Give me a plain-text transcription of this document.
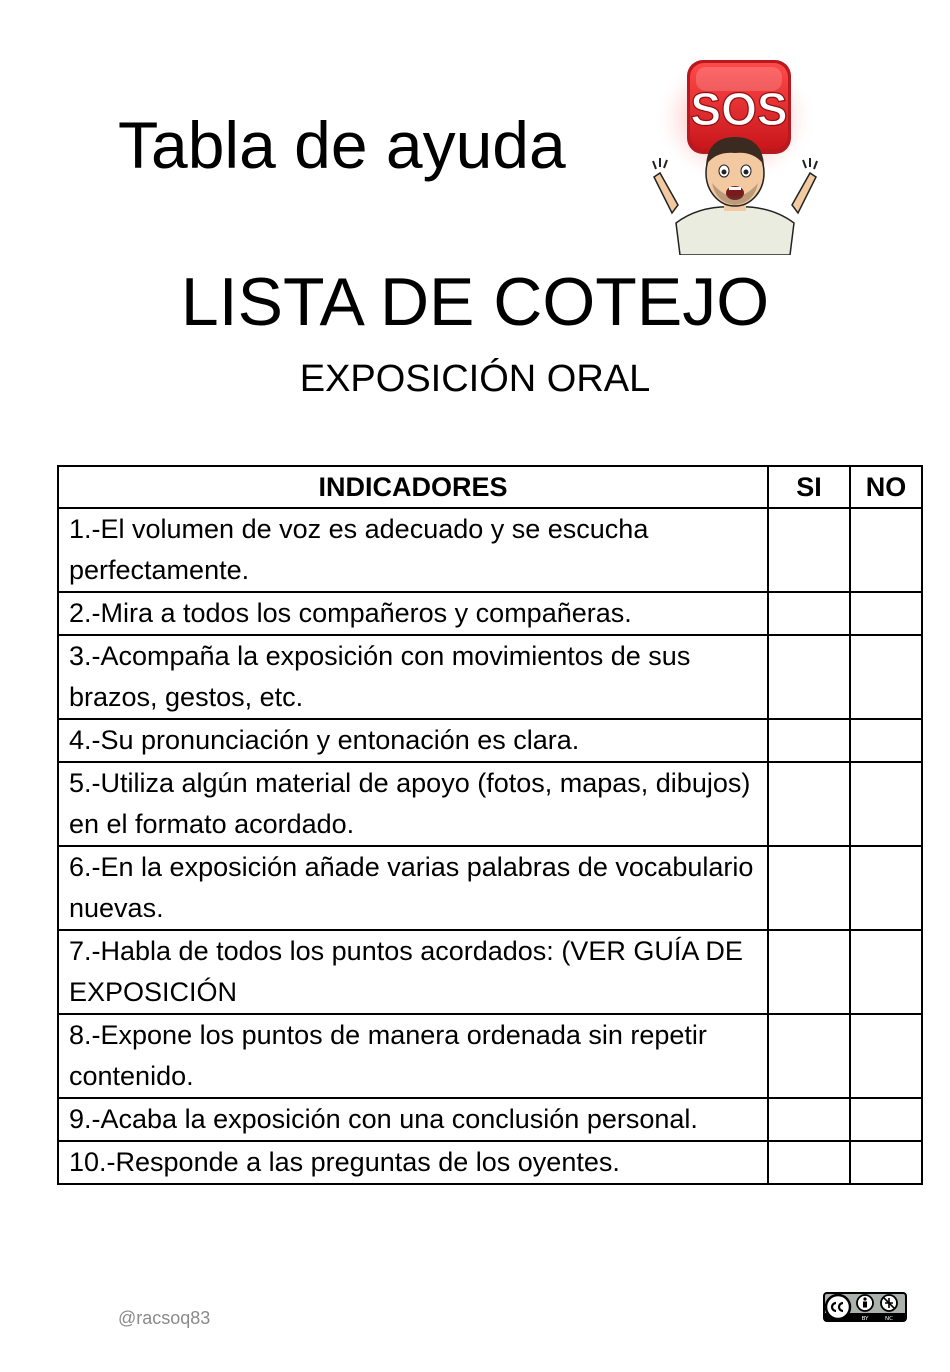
Tabla de ayuda	SOS
LISTA DE COTEJO
EXPOSICIÓN ORAL
INDICADORES	SI	NO
1.-El volumen de voz es adecuado y se escucha perfectamente.		
2.-Mira a todos los compañeros y compañeras.		
3.-Acompaña la exposición con movimientos de sus brazos, gestos, etc.		
4.-Su pronunciación y entonación es clara.		
5.-Utiliza algún material de apoyo (fotos, mapas, dibujos) en el formato acordado.		
6.-En la exposición añade varias palabras de vocabulario nuevas.		
7.-Habla de todos los puntos acordados: (VER GUÍA DE EXPOSICIÓN		
8.-Expone los puntos de manera ordenada sin repetir contenido.		
9.-Acaba la exposición con una conclusión personal.		
10.-Responde a las preguntas de los oyentes.		
@racsoq83	BY	NC
